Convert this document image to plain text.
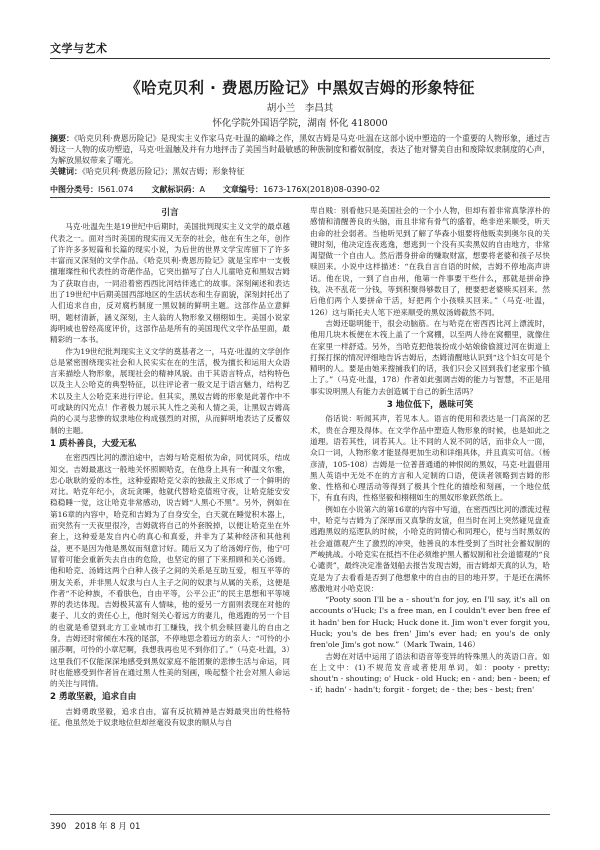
文学与艺术
《哈克贝利 · 费恩历险记》中黑奴吉姆的形象特征
胡小兰　李昌其
怀化学院外国语学院，湖南 怀化 418000
摘要：《哈克贝利·费恩历险记》是现实主义作家马克·吐温的巅峰之作，黑奴吉姆是马克·吐温在这部小说中塑造的一个重要的人物形象，通过吉姆这一人物的成功塑造，马克·吐温触及并有力地抨击了美国当时最敏感的种族制度和蓄奴制度，表达了他对譬美自由和废除奴隶制度的心声，为解放黑奴带来了曙光。
关键词：《哈克贝利·费恩历险记》；黑奴吉姆；形象特征
中图分类号：I561.074 文献标识码：A 文章编号：1673-176X(2018)08-0390-02
引言

马克·吐温先生是19世纪中后期时，美国批判现实主义文学的最卓越代表之一。面对当时美国的现实而又无奈的社会，他在有生之年，创作了许许多多短篇和长篇的现实小说，为后世的世界文学宝库留下了许多丰富而又深刻的文学作品。《哈克贝利·费恩历险记》就是宝库中一支极擅璀璨性和代表性的奇葩作品，它突出描写了白人儿童哈克和黑奴吉姆为了获取自由，一同沿着密西西比河结伴逃亡的故事。深刻阐述和表达出了19世纪中后期美国西部地区的生活状态和生存面貌，深刻封托出了人们追求自由，反对腐朽制度一黑奴制的鲜明主题。这部作品立意鲜明，题材清新，涵义深刻，主人翁的人物形象又栩栩如生。美国小说家海明威也曾经高度评价，这部作品是所有的美国现代文学作品里面，最精彩的一本书。

作为19世纪批判现实主义文学的奠基者之一，马克·吐温的文学创作总是紧密围绕现实社会和人民实实在在的生活，极为擅长和运用大众语言来描绘人物形象，展现社会的精神风貌。由于其语言特点，结构特色以及主人公哈克的典型特征，以往评论者一般文足于语言魅力，结构艺术以及主人公哈克来进行评论。但其实，黑奴吉姆的形象是此著作中不可或缺的闪光点！作者极力展示其人性之美和人情之美，让黑奴吉姆高尚的心灵与悲惨的奴隶地位构成强烈的对照，从而鲜明地表达了反蓄奴制的主题。

1 质朴善良，大爱无私

在密西西比河的漂泊途中，吉姆与哈克相依为命，同忧同乐，结成知交。吉姆最惠这一般地关怀照顾哈克，在他身上具有一种温文尔雅，忠心耿耿的爱的本性，这种爱跟哈克父亲的独裁主义形成了一个鲜明的对比。哈克年纪小，贪玩贪睡，他就代替哈克值班守夜，让哈克能安安稳稳睡一觉，这让哈克非常感动，说吉姆“人黑心不黑”。另外，例如在第16章的内容中，哈克和吉姆为了自身安全，白天就在睡觉积木器上，而突然有一天夜里很冷，吉姆就将自己的外套脱掉，以便让哈克坐在外套上，这种爱是发自内心的真心和真爱，并非为了某种经济和其他利益，更不是因为他是黑奴而刻意讨好。随后又为了给汤姆疗伤，他宁可冒着可能会重新失去自由的危险，也坚定的留了下来照顾和关心汤姆。他和哈克、汤姆这两个白种人孩子之间的关系是互助互爱，相互平等的朋友关系，并非黑人奴隶与白人主子之间的奴隶与从属的关系，这便是作者“不论种族，不看肤色，自由平等，公平公正”的民主思想和平等境界的表达体现。吉姆极其富有人情味，他的爱另一方面则表现在对他的妻子、儿女的责任心上，他时刻关心着远方的妻儿，他逃跑的另一个目的也就是希望到北方工业城市打工赚钱，找个机会赎回妻儿的自由之身。吉姆还时常倾在木筏的尾部，不停地思念着远方的亲人：“可怜的小丽莎啊，可怜的小章尼啊，我想我再也见不到你们了。”（马克·吐温，3）这里我们不仅能深深地感受到黑奴家庭不能团聚的悲惨生活与命运，同时也能感受到作者旨在通过黑人性美的刻画，唤起整个社会对黑人命运的关注与同情。

2 勇敢坚毅，追求自由

吉姆勇敢坚毅，追求自由，富有反抗精神是吉姆最突出的性格特征。他虽然处于奴隶地位但却丝毫没有奴隶的顺从与自

卑自贱：别看他只是美国社会的一个小人物，但却有着非常真挚淳朴的感情和清醒善良的头脑，而且非常有骨气的盛着，绝非逆来顺受，听天由命的社会弱者。当他听见到了解了华森小姐要将他贩卖到奥尔良的关键时刻，他决定连夜逃逸，想逃到一个没有买卖黑奴的自由地方，非常渴望做一个自由人。然后潜身拼命的赚取财富，想要将老婆和孩子尽快赎回来。小说中这样描述：“在我自言自语的时候，吉姆不停地高声讲话。他在说，一到了自由州，他第一件事要干些什么，那就是拼命挣钱，决不乱花一分钱，等到积聚得够数目了，便要把老婆赎买回来。然后他们两个人要拼命干活，好把两个小孩赎买回来。”（马克·吐温，126）这与斯托夫人笔下逆来顺受的黑奴汤姆截然不同。

吉姆还聪明能干，很会动脑筋。在与哈克在密西西比河上漂流时，他用几块木板便在木筏上盖了一个窝棚，以至两人待在窝棚里，就像住在家里一样舒适。另外，当哈克把他装扮成小姑娘偷偷渡过河在街道上打探打探的情况评细地告诉吉姆后，杰姆清醒地认识到“这个妇女可是个精明的人。要是由她来搜捕我们的话，我们只会又回到我们老家那个镇上了。”（马克·吐温，178）作者如此强调吉姆的能力与智慧，不正是用事实说明黑人有能力去创造属于自己的新生活吗？

3 地位低下，愚昧可笑

俗话说：听闻其声，若见本人。语言的使用和表达是一门高深的艺术，贵在合理及得体。在文学作品中塑造人物形象的时候，也是如此之道理。语若其性，词若其人。让不同的人说不同的话，而非众人一面，众口一词，人物形象才能显得更加生动和详细具体，并且真实可信。（杨彦清，105-108）吉姆是一位普普通通的神恨阅的黑奴，马克·吐温借用黑人英语中无处不在的方言和人定制的口语，使读者领略到吉姆的形象、性格和心理活动等得到了极具个性化的描绘和刻画，一个地位低下，有血有肉，性格坚毅和栩栩如生的黑奴形象跃然纸上。

例如在小说第六的第16章的内容中写道，在密西西比河的漂流过程中，哈克与吉姆为了深厚而又真挚的友谊，但当时在河上突然碰见盘查逃跑黑奴的巡逻队的时候，小哈克的同情心和同理心，使与当时黑奴的社会道德观产生了激烈的冲突，他善良的本性受到了当时社会蓄奴制的严峻挑战。小哈克实在抵挡不住必须维护黑人蓄奴制和社会道德观的“良心谴责”，最终决定准备划船去报告发现吉姆，而吉姆却天真的认为，哈克是为了去看看是否到了他想象中的自由的目的地开罗，于是还在满怀感激地对小哈克说：

“Pooty soon I'll be a - shout'n for joy, en I'll say, it's all on accounts o'Huck; I's a free man, en I couldn't ever ben free ef it hadn' ben for Huck; Huck done it. Jim won't ever forgit you, Huck; you's de bes fren' Jim's ever had; en you's de only fren'ole Jim's got now.”（Mark Twain, 146）

吉姆在对话中运用了语法和语音等变异的特殊黑人的英语口音。如在上文中：(1)不规范发音或者使用单词，如：pooty - pretty; shout'n - shouting; o' Huck - old Huck; en - and; ben - been; ef - if; hadn' - hadn't; forgit - forget; de - the; bes - best; fren'

390　2018 年 8 月 01
